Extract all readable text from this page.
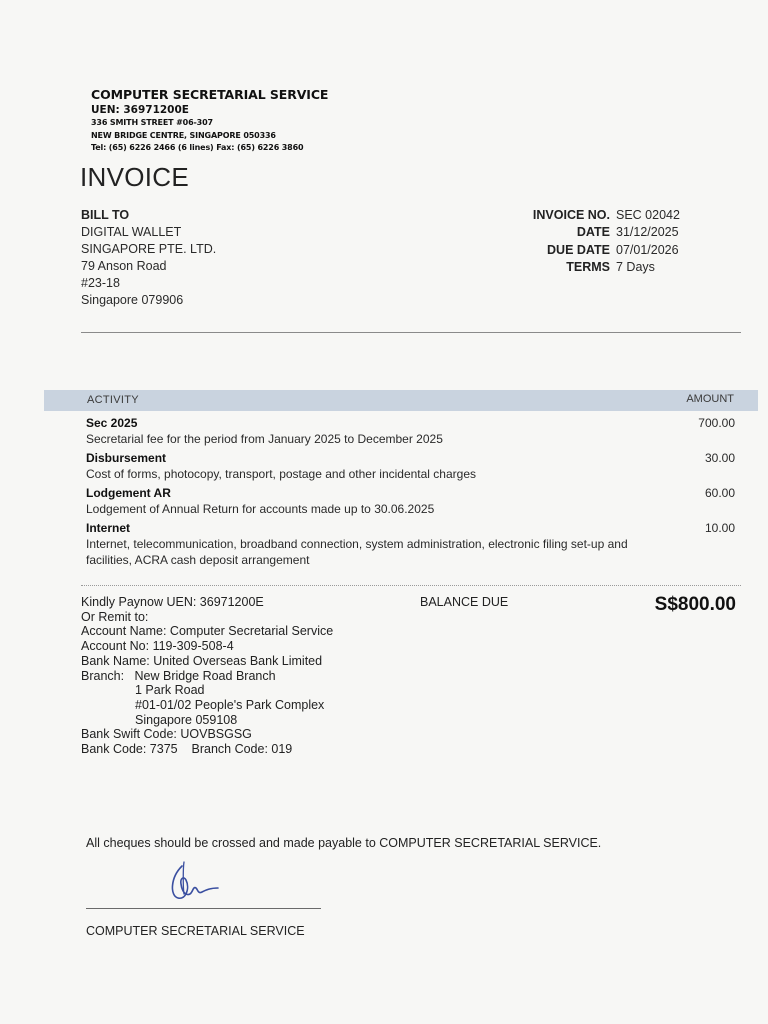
COMPUTER SECRETARIAL SERVICE
UEN: 36971200E
336 SMITH STREET #06-307
NEW BRIDGE CENTRE, SINGAPORE 050336
Tel: (65) 6226 2466 (6 lines) Fax: (65) 6226 3860
INVOICE
BILL TO
DIGITAL WALLET
SINGAPORE PTE. LTD.
79 Anson Road
#23-18
Singapore 079906
INVOICE NO. SEC 02042
DATE 31/12/2025
DUE DATE 07/01/2026
TERMS 7 Days
ACTIVITY	AMOUNT
Sec 2025
Secretarial fee for the period from January 2025 to December 2025
700.00
Disbursement
Cost of forms, photocopy, transport, postage and other incidental charges
30.00
Lodgement AR
Lodgement of Annual Return for accounts made up to 30.06.2025
60.00
Internet
Internet, telecommunication, broadband connection, system administration, electronic filing set-up and facilities, ACRA cash deposit arrangement
10.00
Kindly Paynow UEN: 36971200E
Or Remit to:
Account Name: Computer Secretarial Service
Account No: 119-309-508-4
Bank Name: United Overseas Bank Limited
Branch:   New Bridge Road Branch
1 Park Road
#01-01/02 People's Park Complex
Singapore 059108
Bank Swift Code: UOVBSGSG
Bank Code: 7375    Branch Code: 019
BALANCE DUE	S$800.00
All cheques should be crossed and made payable to COMPUTER SECRETARIAL SERVICE.
COMPUTER SECRETARIAL SERVICE
